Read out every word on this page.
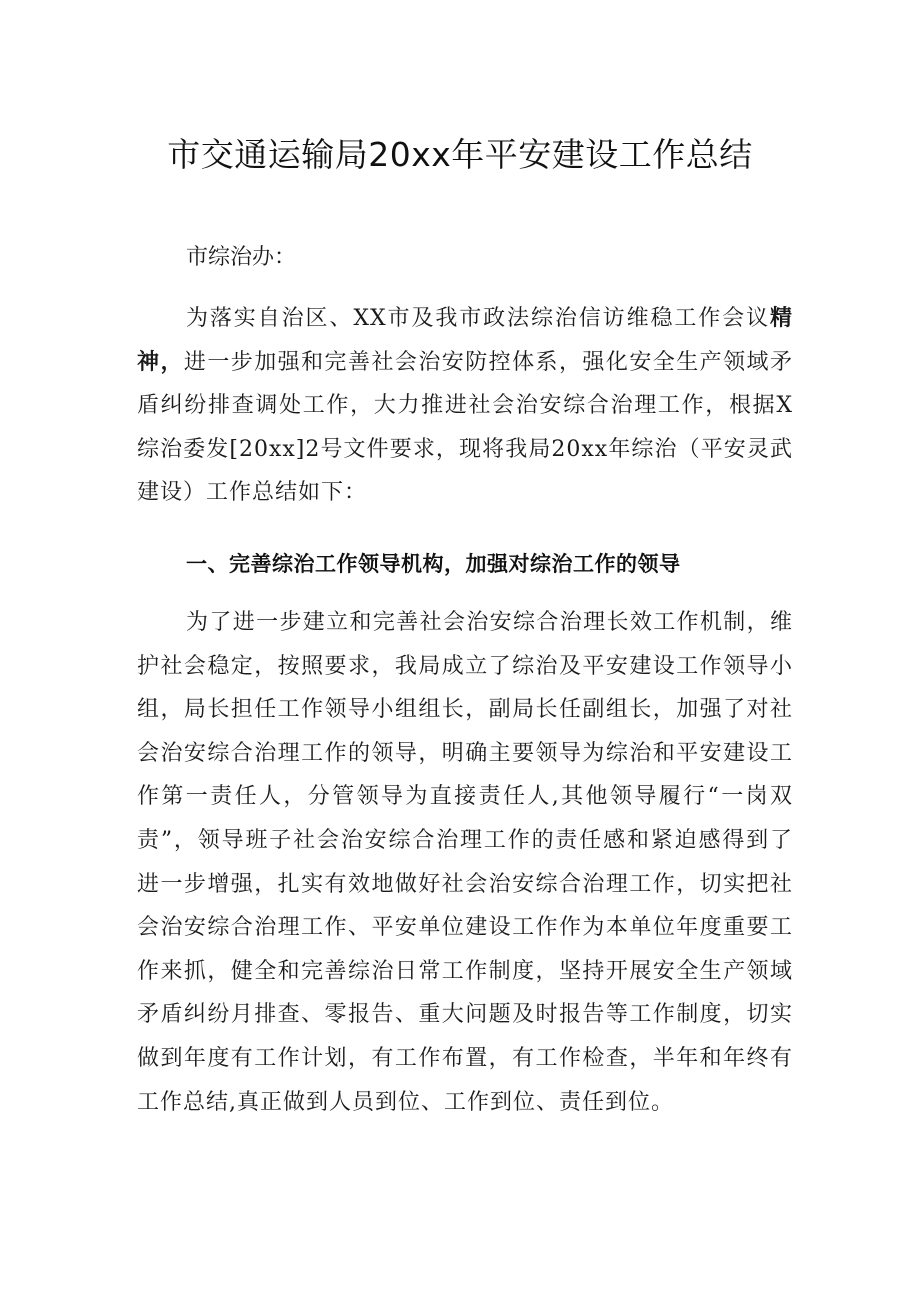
市交通运输局20xx年平安建设工作总结
市综治办：

为落实自治区、XX市及我市政法综治信访维稳工作会议精神，进一步加强和完善社会治安防控体系，强化安全生产领域矛盾纠纷排查调处工作，大力推进社会治安综合治理工作，根据X综治委发[20xx]2号文件要求，现将我局20xx年综治（平安灵武建设）工作总结如下：

一、完善综治工作领导机构，加强对综治工作的领导

为了进一步建立和完善社会治安综合治理长效工作机制，维护社会稳定，按照要求，我局成立了综治及平安建设工作领导小组，局长担任工作领导小组组长，副局长任副组长，加强了对社会治安综合治理工作的领导，明确主要领导为综治和平安建设工作第一责任人，分管领导为直接责任人,其他领导履行“一岗双责”，领导班子社会治安综合治理工作的责任感和紧迫感得到了进一步增强，扎实有效地做好社会治安综合治理工作，切实把社会治安综合治理工作、平安单位建设工作作为本单位年度重要工作来抓，健全和完善综治日常工作制度，坚持开展安全生产领域矛盾纠纷月排查、零报告、重大问题及时报告等工作制度，切实做到年度有工作计划，有工作布置，有工作检查，半年和年终有工作总结,真正做到人员到位、工作到位、责任到位。
